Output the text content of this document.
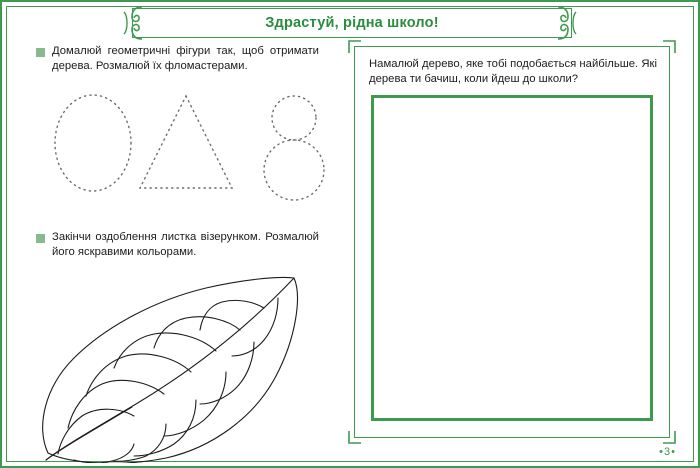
Здрастуй, рідна школо!
Домалюй геометричні фігури так, щоб отримати дерева. Розмалюй їх фломастерами.
Закінчи оздоблення листка візерунком. Розмалюй його яскравими кольорами.
Намалюй дерево, яке тобі подобається найбільше. Які дерева ти бачиш, коли йдеш до школи?
•3•
